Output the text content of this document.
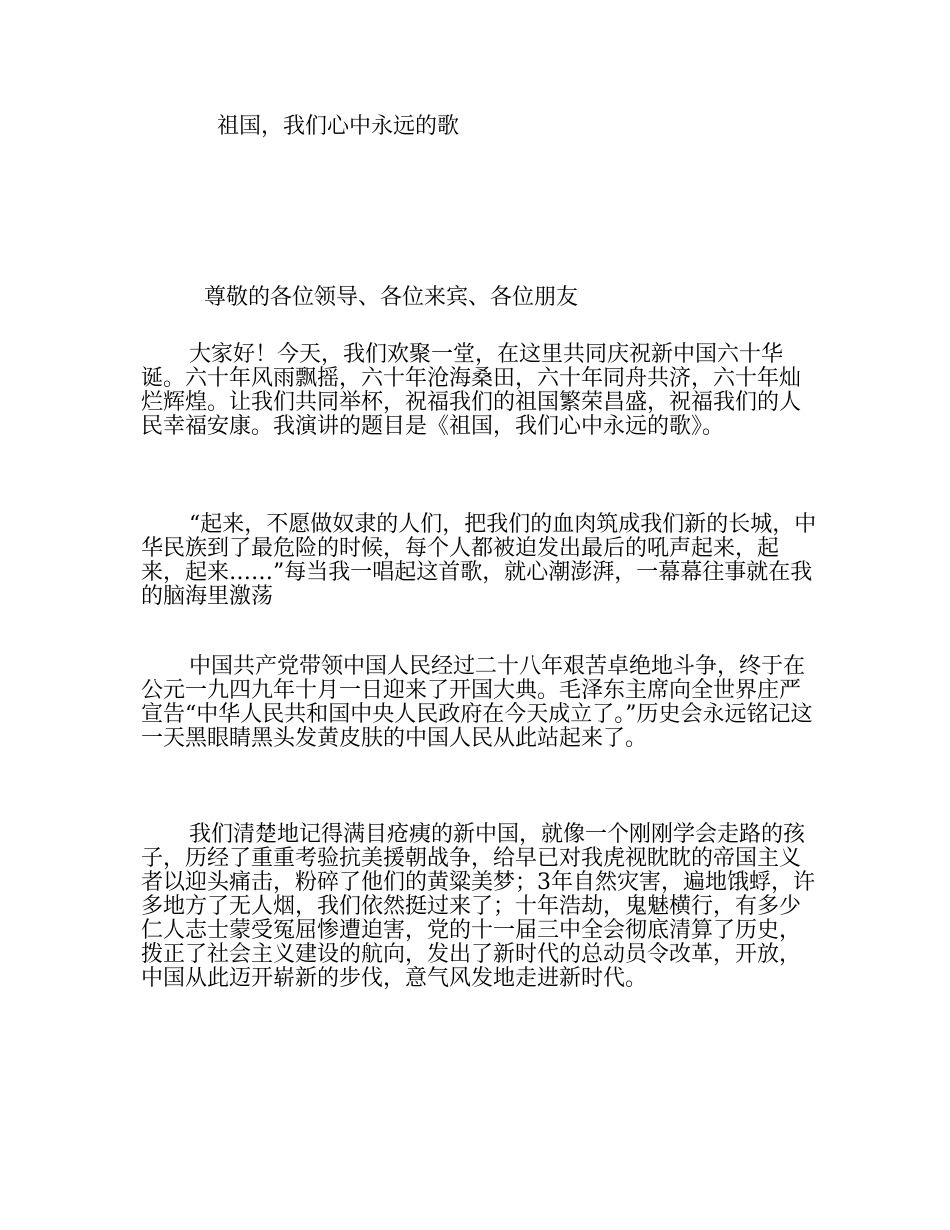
祖国，我们心中永远的歌
尊敬的各位领导、各位来宾、各位朋友

大家好！今天，我们欢聚一堂，在这里共同庆祝新中国六十华诞。六十年风雨飘摇，六十年沧海桑田，六十年同舟共济，六十年灿烂辉煌。让我们共同举杯，祝福我们的祖国繁荣昌盛，祝福我们的人民幸福安康。我演讲的题目是《祖国，我们心中永远的歌》。

“起来，不愿做奴隶的人们，把我们的血肉筑成我们新的长城，中华民族到了最危险的时候，每个人都被迫发出最后的吼声起来，起来，起来……”每当我一唱起这首歌，就心潮澎湃，一幕幕往事就在我的脑海里激荡

中国共产党带领中国人民经过二十八年艰苦卓绝地斗争，终于在公元一九四九年十月一日迎来了开国大典。毛泽东主席向全世界庄严宣告“中华人民共和国中央人民政府在今天成立了。”历史会永远铭记这一天黑眼睛黑头发黄皮肤的中国人民从此站起来了。

我们清楚地记得满目疮痍的新中国，就像一个刚刚学会走路的孩子，历经了重重考验抗美援朝战争，给早已对我虎视眈眈的帝国主义者以迎头痛击，粉碎了他们的黄粱美梦；3年自然灾害，遍地饿蜉，许多地方了无人烟，我们依然挺过来了；十年浩劫，鬼魅横行，有多少仁人志士蒙受冤屈惨遭迫害，党的十一届三中全会彻底清算了历史，拨正了社会主义建设的航向，发出了新时代的总动员令改革，开放，中国从此迈开崭新的步伐，意气风发地走进新时代。
